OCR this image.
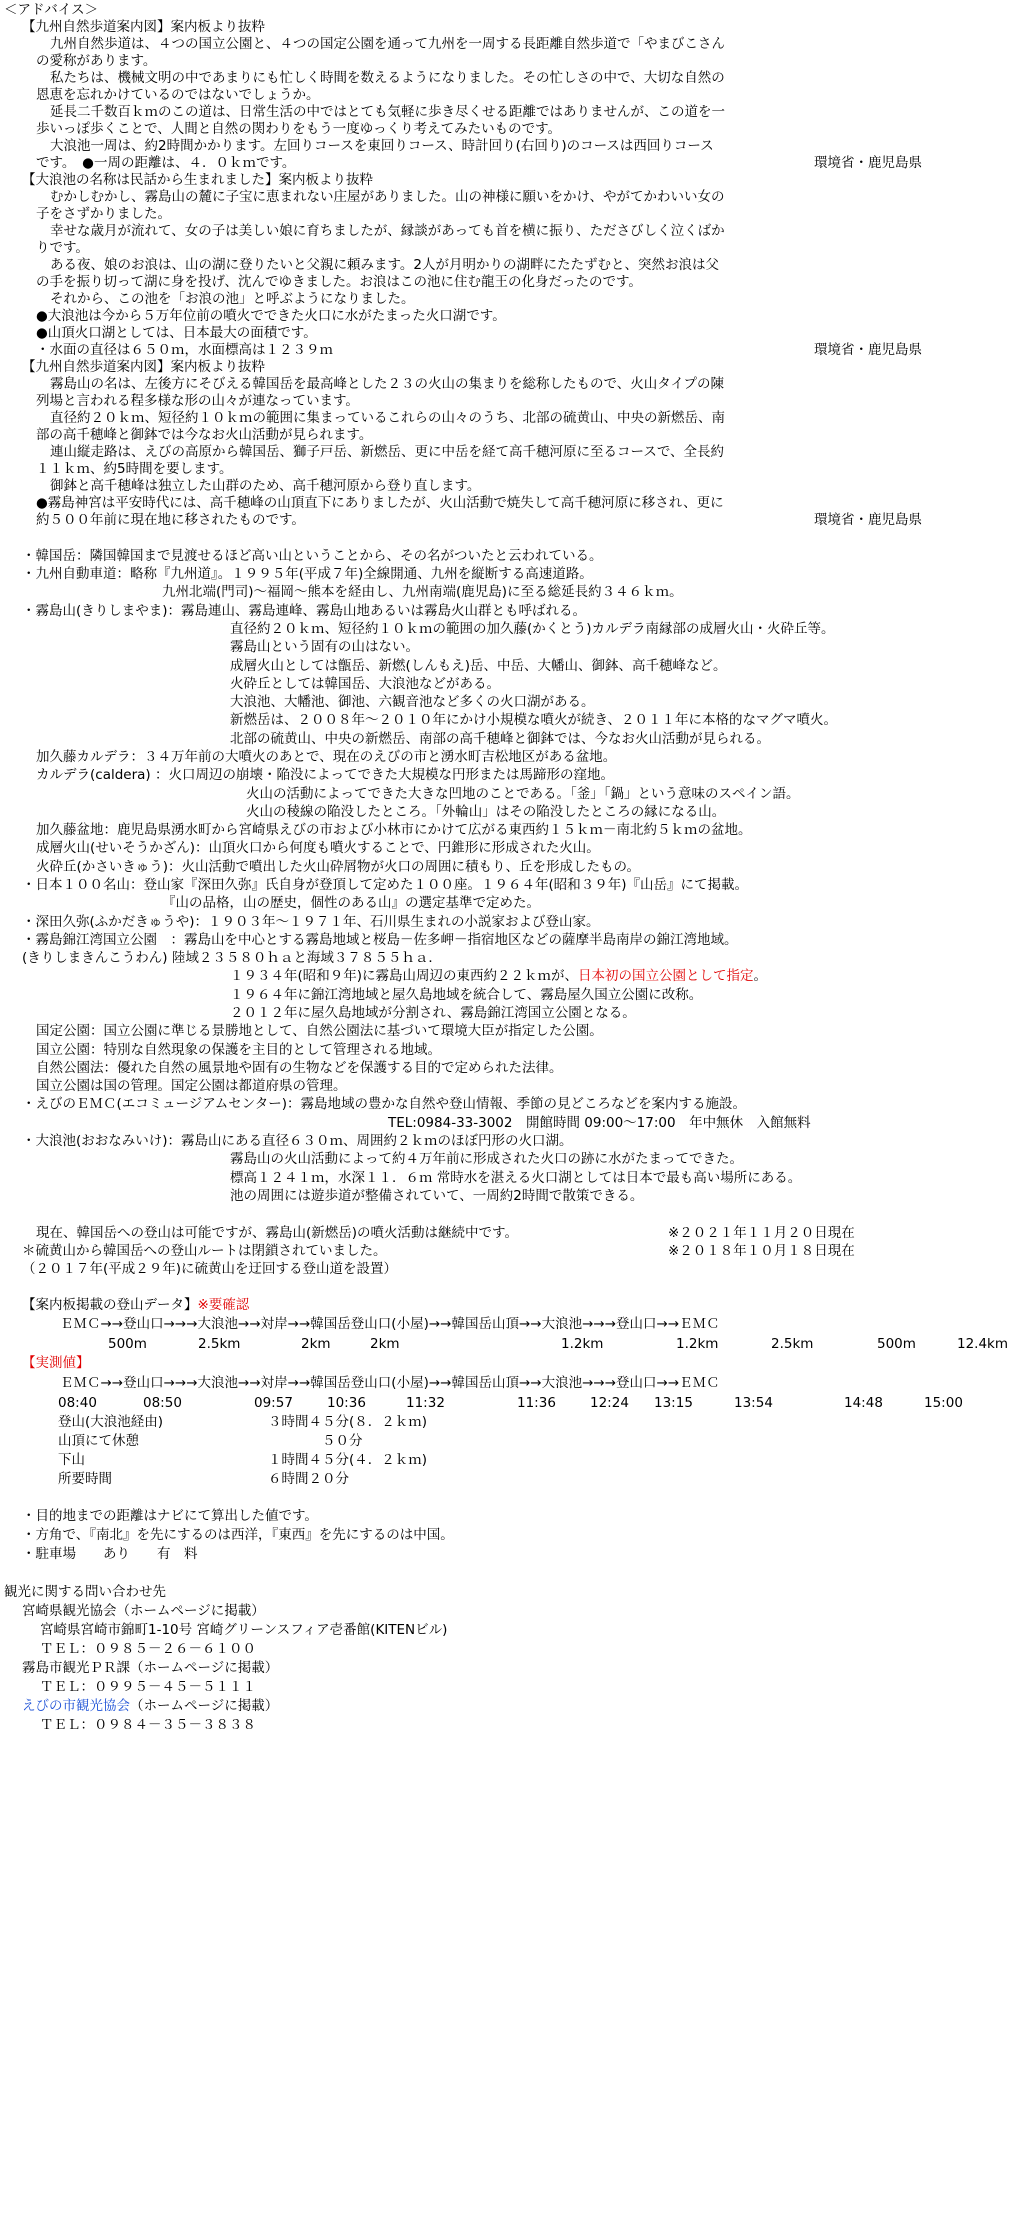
＜アドバイス＞
【九州自然歩道案内図】案内板より抜粋
九州自然歩道は、４つの国立公園と、４つの国定公園を通って九州を一周する長距離自然歩道で「やまびこさん
の愛称があります。
私たちは、機械文明の中であまりにも忙しく時間を数えるようになりました。その忙しさの中で、大切な自然の
恩恵を忘れかけているのではないでしょうか。
延長二千数百ｋｍのこの道は、日常生活の中ではとても気軽に歩き尽くせる距離ではありませんが、この道を一
歩いっぽ歩くことで、人間と自然の関わりをもう一度ゆっくり考えてみたいものです。
大浪池一周は、約2時間かかります。左回りコースを東回りコース、時計回り(右回り)のコースは西回りコース
です。　●一周の距離は、４．０ｋｍです。	環境省・鹿児島県
【大浪池の名称は民話から生まれました】案内板より抜粋
むかしむかし、霧島山の麓に子宝に恵まれない庄屋がありました。山の神様に願いをかけ、やがてかわいい女の
子をさずかりました。
幸せな歳月が流れて、女の子は美しい娘に育ちましたが、縁談があっても首を横に振り、たださびしく泣くばか
りです。
ある夜、娘のお浪は、山の湖に登りたいと父親に頼みます。2人が月明かりの湖畔にたたずむと、突然お浪は父
の手を振り切って湖に身を投げ、沈んでゆきました。お浪はこの池に住む龍王の化身だったのです。
それから、この池を「お浪の池」と呼ぶようになりました。
●大浪池は今から５万年位前の噴火でできた火口に水がたまった火口湖です。
●山頂火口湖としては、日本最大の面積です。
・水面の直径は６５０ｍ，水面標高は１２３９ｍ	環境省・鹿児島県
【九州自然歩道案内図】案内板より抜粋
霧島山の名は、左後方にそびえる韓国岳を最高峰とした２３の火山の集まりを総称したもので、火山タイプの陳
列場と言われる程多様な形の山々が連なっています。
直径約２０ｋｍ、短径約１０ｋｍの範囲に集まっているこれらの山々のうち、北部の硫黄山、中央の新燃岳、南
部の高千穂峰と御鉢では今なお火山活動が見られます。
連山縦走路は、えびの高原から韓国岳、獅子戸岳、新燃岳、更に中岳を経て高千穂河原に至るコースで、全長約
１１ｋｍ、約5時間を要します。
御鉢と高千穂峰は独立した山群のため、高千穂河原から登り直します。
●霧島神宮は平安時代には、高千穂峰の山頂直下にありましたが、火山活動で焼失して高千穂河原に移され、更に
約５００年前に現在地に移されたものです。	環境省・鹿児島県
・韓国岳：隣国韓国まで見渡せるほど高い山ということから、その名がついたと云われている。
・九州自動車道：略称『九州道』。１９９５年(平成７年)全線開通、九州を縦断する高速道路。
九州北端(門司)～福岡～熊本を経由し、九州南端(鹿児島)に至る総延長約３４６ｋｍ。
・霧島山(きりしまやま)：霧島連山、霧島連峰、霧島山地あるいは霧島火山群とも呼ばれる。
直径約２０ｋｍ、短径約１０ｋｍの範囲の加久藤(かくとう)カルデラ南縁部の成層火山・火砕丘等。
霧島山という固有の山はない。
成層火山としては甑岳、新燃(しんもえ)岳、中岳、大幡山、御鉢、高千穂峰など。
火砕丘としては韓国岳、大浪池などがある。
大浪池、大幡池、御池、六観音池など多くの火口湖がある。
新燃岳は、２００８年～２０１０年にかけ小規模な噴火が続き、２０１１年に本格的なマグマ噴火。
北部の硫黄山、中央の新燃岳、南部の高千穂峰と御鉢では、今なお火山活動が見られる。
加久藤カルデラ：３４万年前の大噴火のあとで、現在のえびの市と湧水町吉松地区がある盆地。
カルデラ(caldera) ：火口周辺の崩壊・陥没によってできた大規模な円形または馬蹄形の窪地。
火山の活動によってできた大きな凹地のことである。「釜」「鍋」という意味のスペイン語。
火山の稜線の陥没したところ。「外輪山」はその陥没したところの縁になる山。
加久藤盆地：鹿児島県湧水町から宮崎県えびの市および小林市にかけて広がる東西約１５ｋｍ－南北約５ｋｍの盆地。
成層火山(せいそうかざん)：山頂火口から何度も噴火することで、円錐形に形成された火山。
火砕丘(かさいきゅう)：火山活動で噴出した火山砕屑物が火口の周囲に積もり、丘を形成したもの。
・日本１００名山：登山家『深田久弥』氏自身が登頂して定めた１００座。１９６４年(昭和３９年)『山岳』にて掲載。
『山の品格，山の歴史，個性のある山』の選定基準で定めた。
・深田久弥(ふかだきゅうや)：１９０３年～１９７１年、石川県生まれの小説家および登山家。
・霧島錦江湾国立公園　：霧島山を中心とする霧島地域と桜島－佐多岬－指宿地区などの薩摩半島南岸の錦江湾地域。
(きりしまきんこうわん) 陸域２３５８０ｈａと海域３７８５５ｈａ．
１９３４年(昭和９年)に霧島山周辺の東西約２２ｋｍが、日本初の国立公園として指定。
１９６４年に錦江湾地域と屋久島地域を統合して、霧島屋久国立公園に改称。
２０１２年に屋久島地域が分割され、霧島錦江湾国立公園となる。
国定公園：国立公園に準じる景勝地として、自然公園法に基づいて環境大臣が指定した公園。
国立公園：特別な自然現象の保護を主目的として管理される地域。
自然公園法：優れた自然の風景地や固有の生物などを保護する目的で定められた法律。
国立公園は国の管理。国定公園は都道府県の管理。
・えびのＥＭＣ(エコミュージアムセンター)：霧島地域の豊かな自然や登山情報、季節の見どころなどを案内する施設。
TEL:0984-33-3002　開館時間 09:00～17:00　年中無休　入館無料
・大浪池(おおなみいけ)：霧島山にある直径６３０ｍ、周囲約２ｋｍのほぼ円形の火口湖。
霧島山の火山活動によって約４万年前に形成された火口の跡に水がたまってできた。
標高１２４１ｍ，水深１１．６ｍ 常時水を湛える火口湖としては日本で最も高い場所にある。
池の周囲には遊歩道が整備されていて、一周約2時間で散策できる。
現在、韓国岳への登山は可能ですが、霧島山(新燃岳)の噴火活動は継続中です。	※２０２１年１１月２０日現在
＊硫黄山から韓国岳への登山ルートは閉鎖されていました。	※２０１８年１０月１８日現在
（２０１７年(平成２９年)に硫黄山を迂回する登山道を設置）
【案内板掲載の登山データ】※要確認
ＥＭＣ→→登山口→→→大浪池→→対岸→→韓国岳登山口(小屋)→→韓国岳山頂→→大浪池→→→登山口→→ＥＭＣ
500m	2.5km	2km	2km	1.2km	1.2km	2.5km	500m	12.4km
【実測値】
ＥＭＣ→→登山口→→→大浪池→→対岸→→韓国岳登山口(小屋)→→韓国岳山頂→→大浪池→→→登山口→→ＥＭＣ
08:40	08:50	09:57	10:36	11:32	11:36	12:24 13:15	13:54	14:48	15:00
登山(大浪池経由)	３時間４５分(８．２ｋｍ)
山頂にて休憩	５０分
下山	１時間４５分(４．２ｋｍ)
所要時間	６時間２０分
・目的地までの距離はナビにて算出した値です。
・方角で、『南北』を先にするのは西洋，『東西』を先にするのは中国。
・駐車場　　あり　　有　料
観光に関する問い合わせ先
宮崎県観光協会（ホームページに掲載）
宮崎県宮崎市錦町1-10号 宮崎グリーンスフィア壱番館(KITENビル)
ＴＥＬ：０９８５－２６－６１００
霧島市観光ＰＲ課（ホームページに掲載）
ＴＥＬ：０９９５－４５－５１１１
えびの市観光協会（ホームページに掲載）
ＴＥＬ：０９８４－３５－３８３８
